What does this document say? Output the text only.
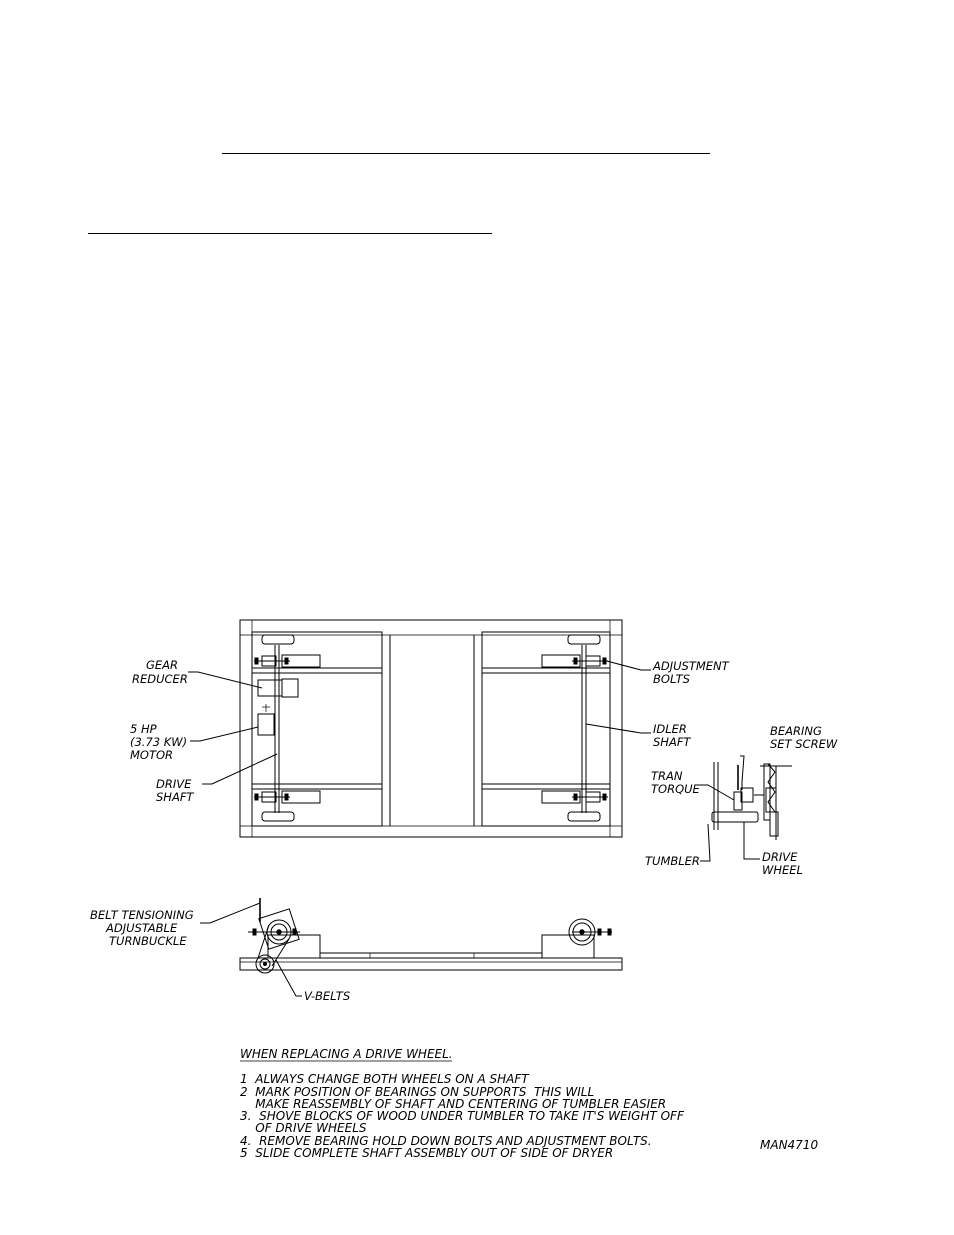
GEAR REDUCER
5 HP (3.73 KW) MOTOR
DRIVE SHAFT
ADJUSTMENT BOLTS
IDLER SHAFT
BEARING SET SCREW
TRAN TORQUE
TUMBLER	DRIVE WHEEL
BELT TENSIONING ADJUSTABLE TURNBUCKLE
V-BELTS
WHEN REPLACING A DRIVE WHEEL.
1  ALWAYS CHANGE BOTH WHEELS ON A SHAFT
2  MARK POSITION OF BEARINGS ON SUPPORTS  THIS WILL
MAKE REASSEMBLY OF SHAFT AND CENTERING OF TUMBLER EASIER
3.  SHOVE BLOCKS OF WOOD UNDER TUMBLER TO TAKE IT'S WEIGHT OFF
OF DRIVE WHEELS
4.  REMOVE BEARING HOLD DOWN BOLTS AND ADJUSTMENT BOLTS.
5  SLIDE COMPLETE SHAFT ASSEMBLY OUT OF SIDE OF DRYER
MAN4710
